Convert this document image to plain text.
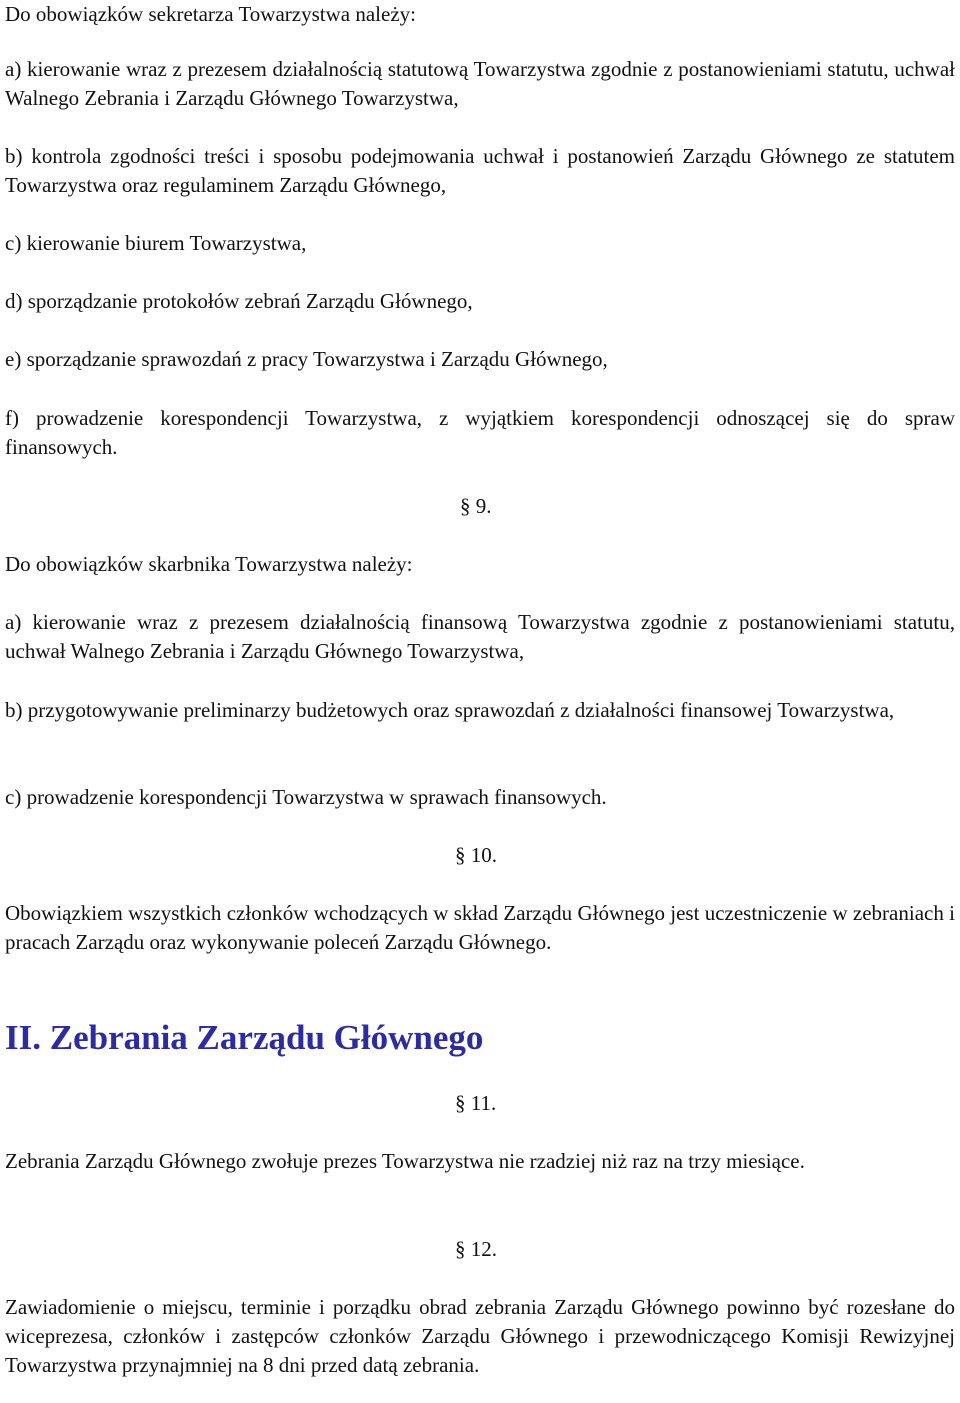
Do obowiązków sekretarza Towarzystwa należy:

a) kierowanie wraz z prezesem działalnością statutową Towarzystwa zgodnie z postanowieniami statutu, uchwał Walnego Zebrania i Zarządu Głównego Towarzystwa,

b) kontrola zgodności treści i sposobu podejmowania uchwał i postanowień Zarządu Głównego ze statutem Towarzystwa oraz regulaminem Zarządu Głównego,

c) kierowanie biurem Towarzystwa,

d) sporządzanie protokołów zebrań Zarządu Głównego,

e) sporządzanie sprawozdań z pracy Towarzystwa i Zarządu Głównego,

f) prowadzenie korespondencji Towarzystwa, z wyjątkiem korespondencji odnoszącej się do spraw finansowych.

§ 9.

Do obowiązków skarbnika Towarzystwa należy:

a) kierowanie wraz z prezesem działalnością finansową Towarzystwa zgodnie z postanowieniami statutu, uchwał Walnego Zebrania i Zarządu Głównego Towarzystwa,

b) przygotowywanie preliminarzy budżetowych oraz sprawozdań z działalności finansowej Towarzystwa,

c) prowadzenie korespondencji Towarzystwa w sprawach finansowych.

§ 10.

Obowiązkiem wszystkich członków wchodzących w skład Zarządu Głównego jest uczestniczenie w zebraniach i pracach Zarządu oraz wykonywanie poleceń Zarządu Głównego.

II. Zebrania Zarządu Głównego

§ 11.

Zebrania Zarządu Głównego zwołuje prezes Towarzystwa nie rzadziej niż raz na trzy miesiące.

§ 12.

Zawiadomienie o miejscu, terminie i porządku obrad zebrania Zarządu Głównego powinno być rozesłane do wiceprezesa, członków i zastępców członków Zarządu Głównego i przewodniczącego Komisji Rewizyjnej Towarzystwa przynajmniej na 8 dni przed datą zebrania.
